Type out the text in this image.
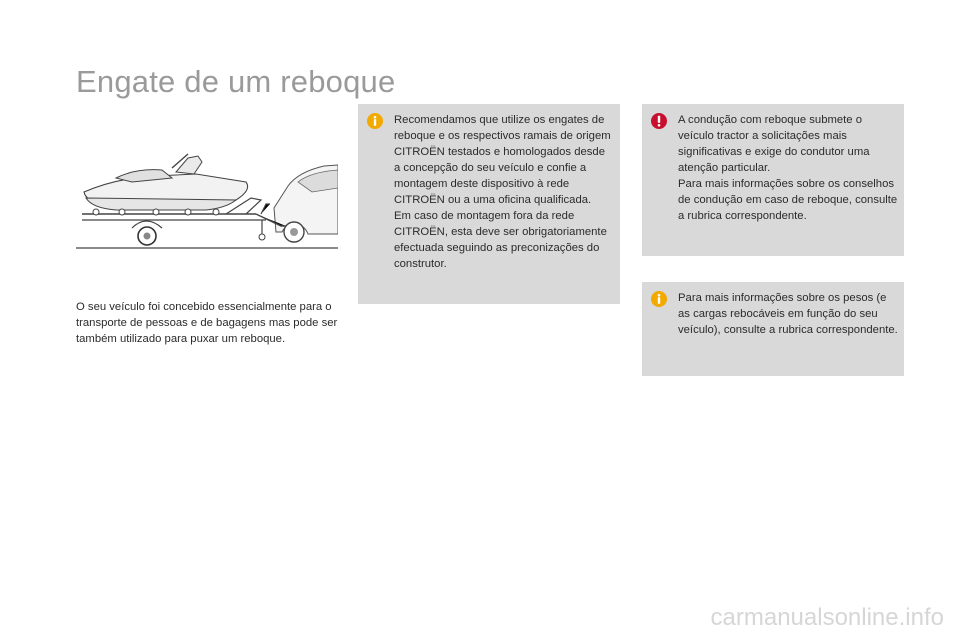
Engate de um reboque

O seu veículo foi concebido essencialmente para o transporte de pessoas e de bagagens mas pode ser também utilizado para puxar um reboque.

Recomendamos que utilize os engates de reboque e os respectivos ramais de origem CITROËN testados e homologados desde a concepção do seu veículo e confie a montagem deste dispositivo à rede CITROËN ou a uma oficina qualificada.
Em caso de montagem fora da rede CITROËN, esta deve ser obrigatoriamente efectuada seguindo as preconizações do construtor.
A condução com reboque submete o veículo tractor a solicitações mais significativas e exige do condutor uma atenção particular.
Para mais informações sobre os conselhos de condução em caso de reboque, consulte a rubrica correspondente.
Para mais informações sobre os pesos (e as cargas rebocáveis em função do seu veículo), consulte a rubrica correspondente.
carmanualsonline.info
